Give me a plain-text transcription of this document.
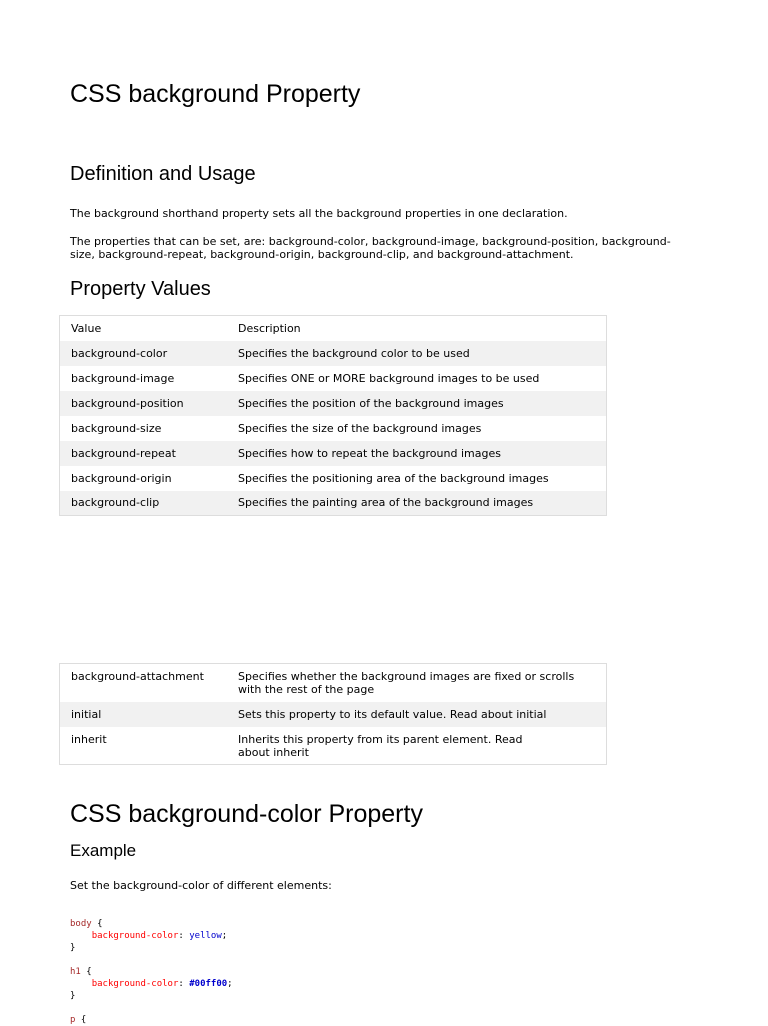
CSS background Property
Definition and Usage

The background shorthand property sets all the background properties in one declaration.

The properties that can be set, are: background-color, background-image, background-position, background-
size, background-repeat, background-origin, background-clip, and background-attachment.

Property Values
Value	Description
background-color	Specifies the background color to be used
background-image	Specifies ONE or MORE background images to be used
background-position	Specifies the position of the background images
background-size	Specifies the size of the background images
background-repeat	Specifies how to repeat the background images
background-origin	Specifies the positioning area of the background images
background-clip	Specifies the painting area of the background images
background-attachment	Specifies whether the background images are fixed or scrolls
with the rest of the page
initial	Sets this property to its default value. Read about initial
inherit	Inherits this property from its parent element. Read
about inherit
CSS background-color Property
Example

Set the background-color of different elements:

body {
background-color: yellow;
}

h1 {
background-color: #00ff00;
}

p {
